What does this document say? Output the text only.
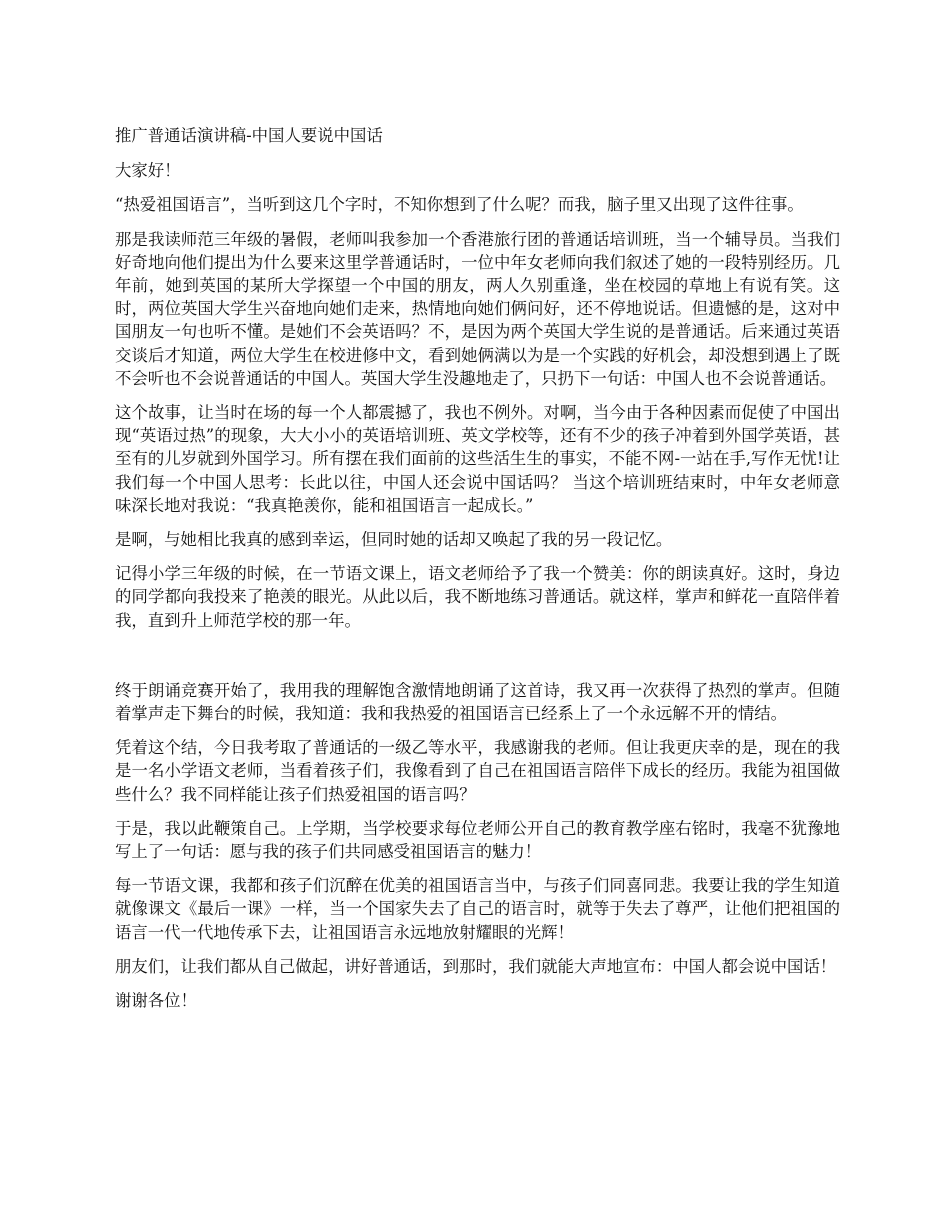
推广普通话演讲稿-中国人要说中国话

大家好！

“热爱祖国语言”，当听到这几个字时，不知你想到了什么呢？而我，脑子里又出现了这件往事。

那是我读师范三年级的暑假，老师叫我参加一个香港旅行团的普通话培训班，当一个辅导员。当我们好奇地向他们提出为什么要来这里学普通话时，一位中年女老师向我们叙述了她的一段特别经历。几年前，她到英国的某所大学探望一个中国的朋友，两人久别重逢，坐在校园的草地上有说有笑。这时，两位英国大学生兴奋地向她们走来，热情地向她们俩问好，还不停地说话。但遗憾的是，这对中国朋友一句也听不懂。是她们不会英语吗？不，是因为两个英国大学生说的是普通话。后来通过英语交谈后才知道，两位大学生在校进修中文，看到她俩满以为是一个实践的好机会，却没想到遇上了既不会听也不会说普通话的中国人。英国大学生没趣地走了，只扔下一句话：中国人也不会说普通话。

这个故事，让当时在场的每一个人都震撼了，我也不例外。对啊，当今由于各种因素而促使了中国出现“英语过热”的现象，大大小小的英语培训班、英文学校等，还有不少的孩子冲着到外国学英语，甚至有的儿岁就到外国学习。所有摆在我们面前的这些活生生的事实，不能不网-一站在手,写作无忧!让我们每一个中国人思考：长此以往，中国人还会说中国话吗？ 当这个培训班结束时，中年女老师意味深长地对我说：“我真艳羡你，能和祖国语言一起成长。”

是啊，与她相比我真的感到幸运，但同时她的话却又唤起了我的另一段记忆。

记得小学三年级的时候，在一节语文课上，语文老师给予了我一个赞美：你的朗读真好。这时，身边的同学都向我投来了艳羡的眼光。从此以后，我不断地练习普通话。就这样，掌声和鲜花一直陪伴着我，直到升上师范学校的那一年。

终于朗诵竞赛开始了，我用我的理解饱含激情地朗诵了这首诗，我又再一次获得了热烈的掌声。但随着掌声走下舞台的时候，我知道：我和我热爱的祖国语言已经系上了一个永远解不开的情结。

凭着这个结，今日我考取了普通话的一级乙等水平，我感谢我的老师。但让我更庆幸的是，现在的我是一名小学语文老师，当看着孩子们，我像看到了自己在祖国语言陪伴下成长的经历。我能为祖国做些什么？我不同样能让孩子们热爱祖国的语言吗？

于是，我以此鞭策自己。上学期，当学校要求每位老师公开自己的教育教学座右铭时，我毫不犹豫地写上了一句话：愿与我的孩子们共同感受祖国语言的魅力！

每一节语文课，我都和孩子们沉醉在优美的祖国语言当中，与孩子们同喜同悲。我要让我的学生知道就像课文《最后一课》一样，当一个国家失去了自己的语言时，就等于失去了尊严，让他们把祖国的语言一代一代地传承下去，让祖国语言永远地放射耀眼的光辉！

朋友们，让我们都从自己做起，讲好普通话，到那时，我们就能大声地宣布：中国人都会说中国话！

谢谢各位！
